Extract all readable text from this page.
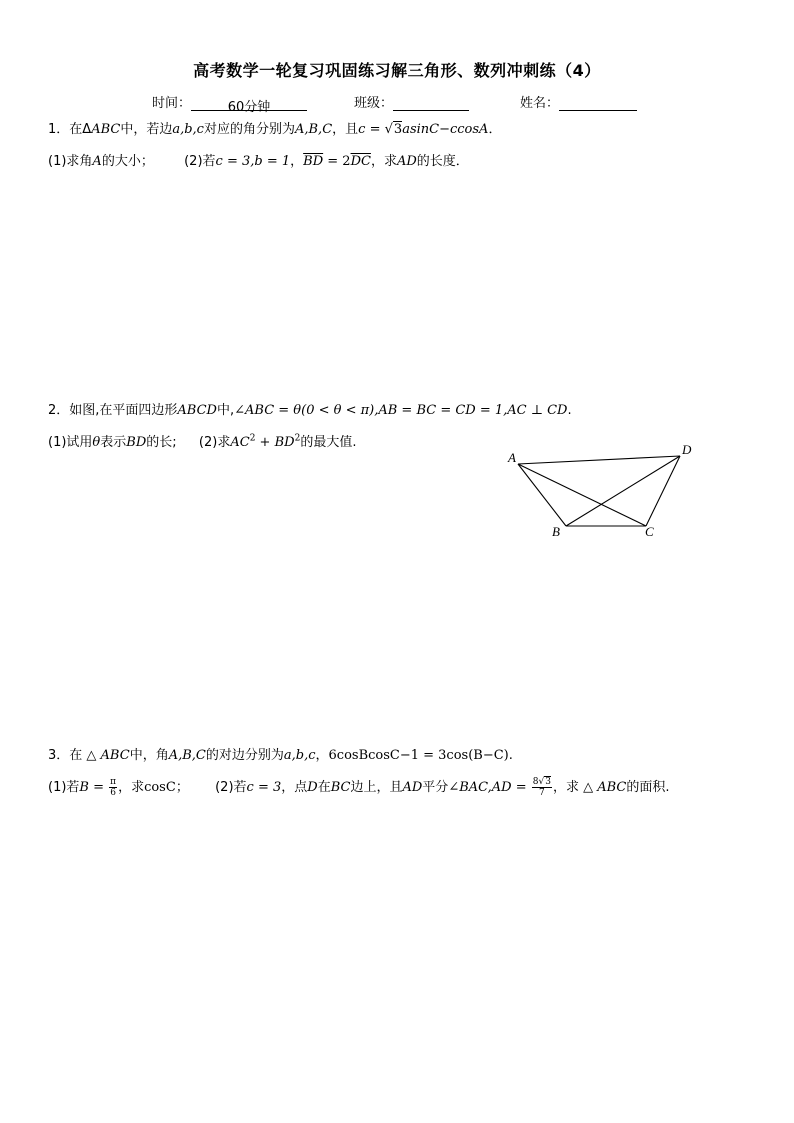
高考数学一轮复习巩固练习解三角形、数列冲刺练（4）
时间：	60分钟	班级：	姓名：
1．在ΔABC中，若边a,b,c对应的角分别为A,B,C，且c = √3asinC−ccosA．
(1)求角A的大小； (2)若c = 3,b = 1，$\overline{BD} = 2\overline{DC}$，求AD的长度．
2．如图,在平面四边形ABCD中,∠ABC = θ(0 < θ < π),AB = BC = CD = 1,AC ⊥ CD.
(1)试用θ表示BD的长; (2)求$AC^2 + BD^2$的最大值.
A
B	C
D
3．在 △ ABC中，角A,B,C的对边分别为a,b,c，6cosBcosC−1 = 3cos(B−C).
(1)若$B = \frac{\pi}{6}$ ，求cosC； (2)若c = 3，点D在BC边上，且AD平分∠BAC,AD = $\frac{8√3}{7}$ ，求 △ ABC的面积.
